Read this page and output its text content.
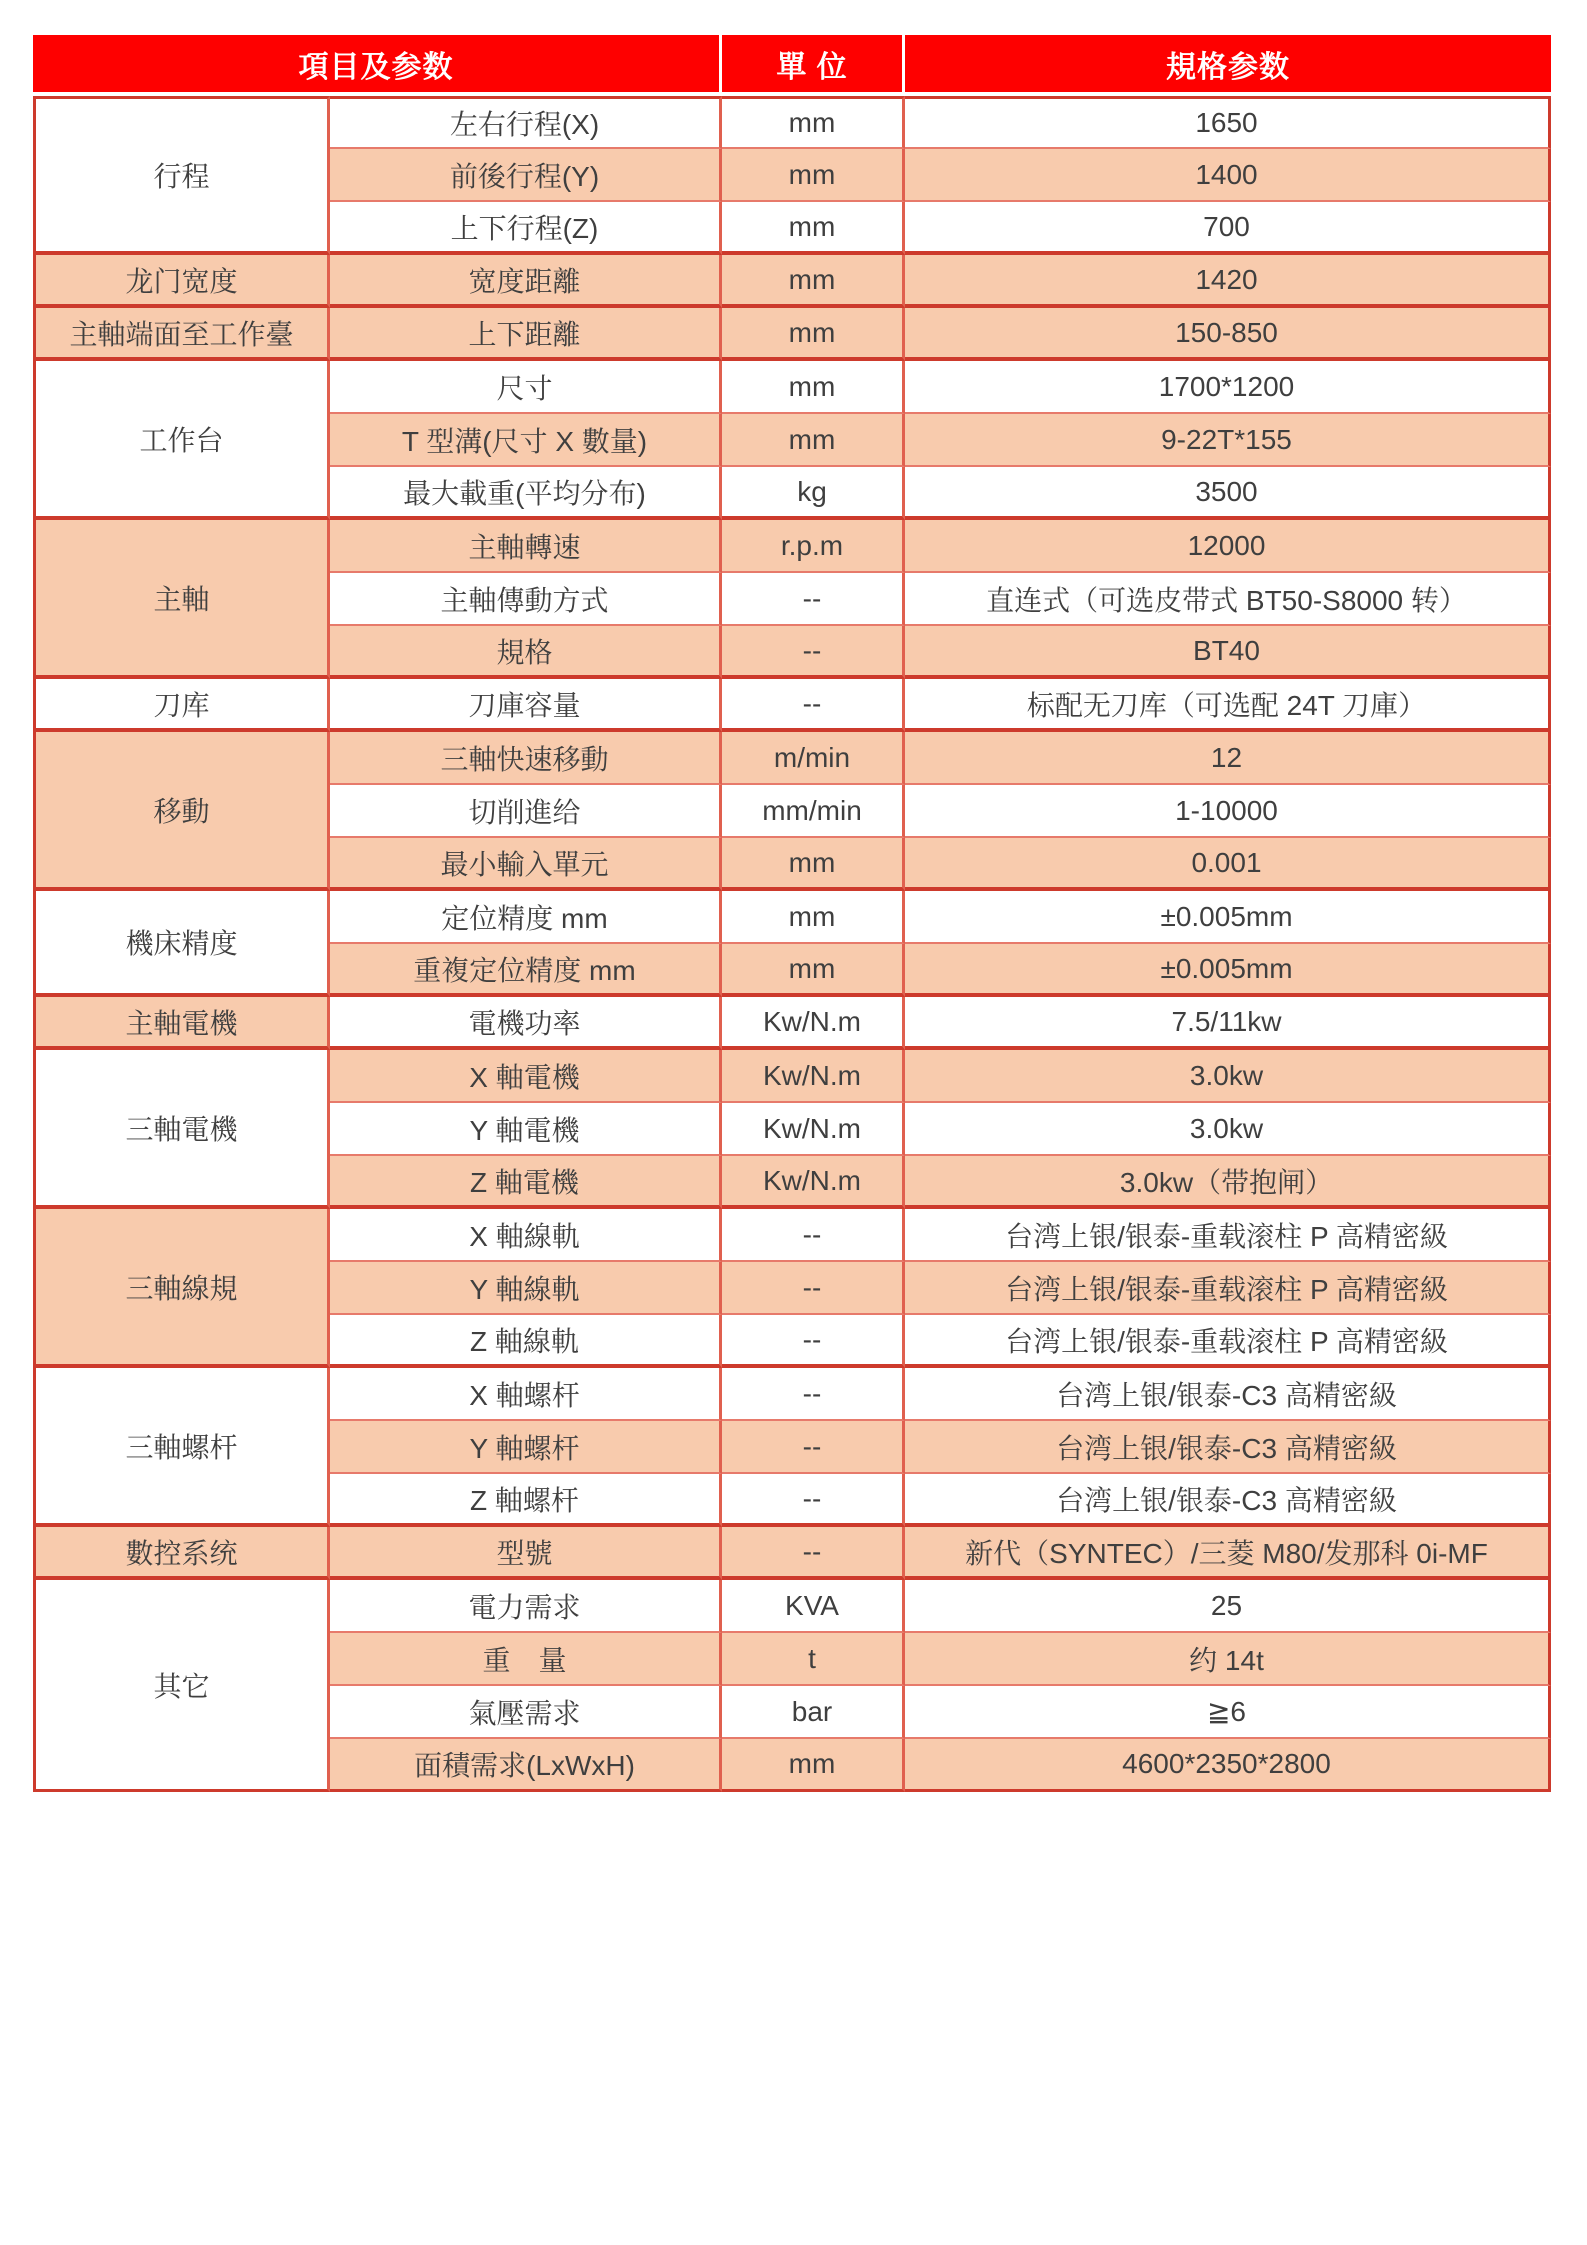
項目及参数	單 位	規格参数
行程	左右行程(X)	mm	1650
	前後行程(Y)	mm	1400
	上下行程(Z)	mm	700
龙门宽度	宽度距離	mm	1420
主軸端面至工作臺	上下距離	mm	150-850
工作台	尺寸	mm	1700*1200
	T 型溝(尺寸 X 數量)	mm	9-22T*155
	最大載重(平均分布)	kg	3500
主軸	主軸轉速	r.p.m	12000
	主軸傳動方式	--	直连式（可选皮带式 BT50-S8000 转）
	規格	--	BT40
刀库	刀庫容量	--	标配无刀库（可选配 24T 刀庫）
移動	三軸快速移動	m/min	12
	切削進给	mm/min	1-10000
	最小輸入單元	mm	0.001
機床精度	定位精度 mm	mm	±0.005mm
	重複定位精度 mm	mm	±0.005mm
主軸電機	電機功率	Kw/N.m	7.5/11kw
三軸電機	X 軸電機	Kw/N.m	3.0kw
	Y 軸電機	Kw/N.m	3.0kw
	Z 軸電機	Kw/N.m	3.0kw（带抱闸）
三軸線規	X 軸線軌	--	台湾上银/银泰-重载滚柱 P 高精密級
	Y 軸線軌	--	台湾上银/银泰-重载滚柱 P 高精密級
	Z 軸線軌	--	台湾上银/银泰-重载滚柱 P 高精密級
三軸螺杆	X 軸螺杆	--	台湾上银/银泰-C3 高精密級
	Y 軸螺杆	--	台湾上银/银泰-C3 高精密級
	Z 軸螺杆	--	台湾上银/银泰-C3 高精密級
數控系统	型號	--	新代（SYNTEC）/三菱 M80/发那科 0i-MF
其它	電力需求	KVA	25
	重　量	t	约 14t
	氣壓需求	bar	≧6
	面積需求(LxWxH)	mm	4600*2350*2800
